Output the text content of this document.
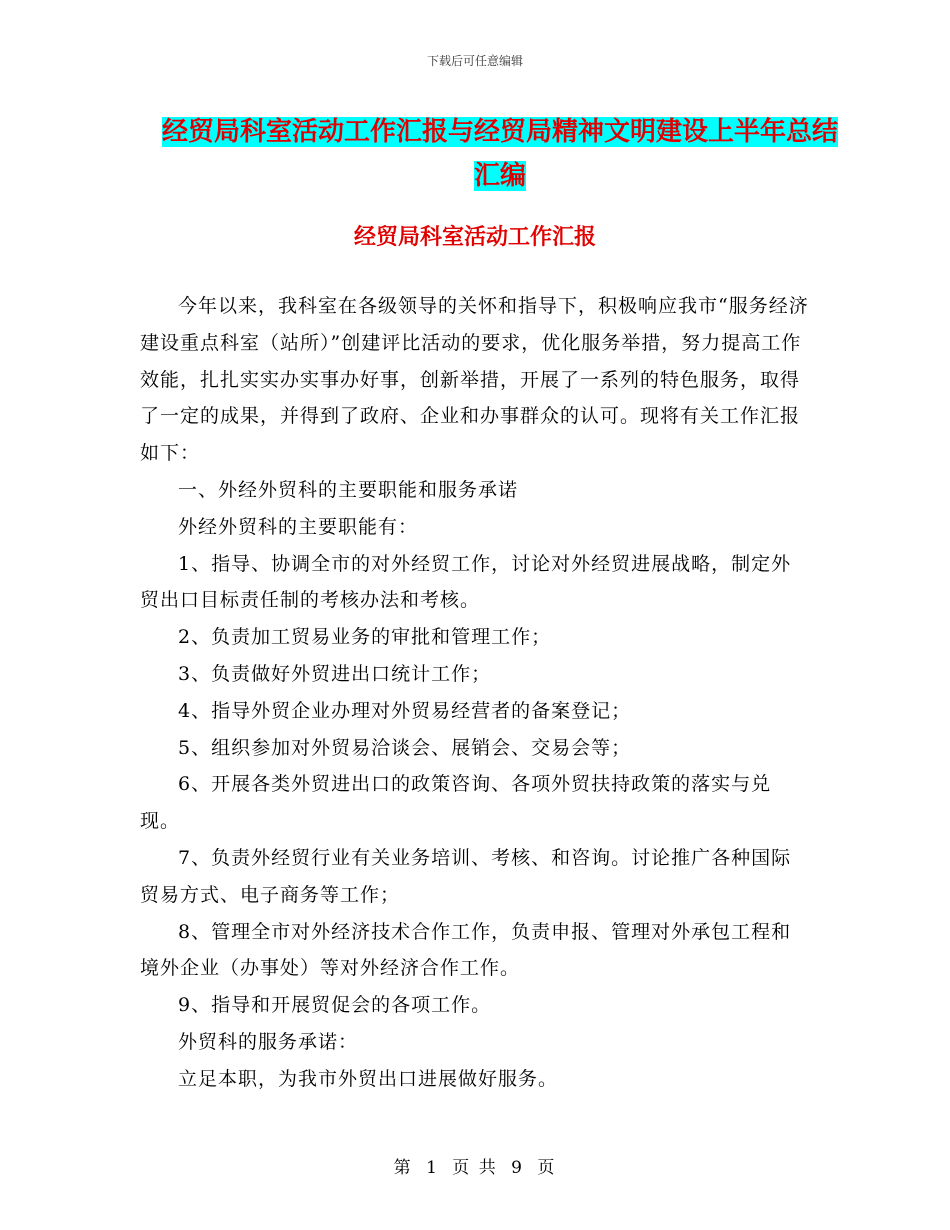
下载后可任意编辑
经贸局科室活动工作汇报与经贸局精神文明建设上半年总结汇编
经贸局科室活动工作汇报

今年以来，我科室在各级领导的关怀和指导下，积极响应我市“服务经济建设重点科室（站所）”创建评比活动的要求，优化服务举措，努力提高工作效能，扎扎实实办实事办好事，创新举措，开展了一系列的特色服务，取得了一定的成果，并得到了政府、企业和办事群众的认可。现将有关工作汇报如下：

一、外经外贸科的主要职能和服务承诺

外经外贸科的主要职能有：

1、指导、协调全市的对外经贸工作，讨论对外经贸进展战略，制定外贸出口目标责任制的考核办法和考核。

2、负责加工贸易业务的审批和管理工作；

3、负责做好外贸进出口统计工作；

4、指导外贸企业办理对外贸易经营者的备案登记；

5、组织参加对外贸易洽谈会、展销会、交易会等；

6、开展各类外贸进出口的政策咨询、各项外贸扶持政策的落实与兑现。

7、负责外经贸行业有关业务培训、考核、和咨询。讨论推广各种国际贸易方式、电子商务等工作；

8、管理全市对外经济技术合作工作，负责申报、管理对外承包工程和境外企业（办事处）等对外经济合作工作。

9、指导和开展贸促会的各项工作。

外贸科的服务承诺：

立足本职，为我市外贸出口进展做好服务。

第 1 页 共 9 页
